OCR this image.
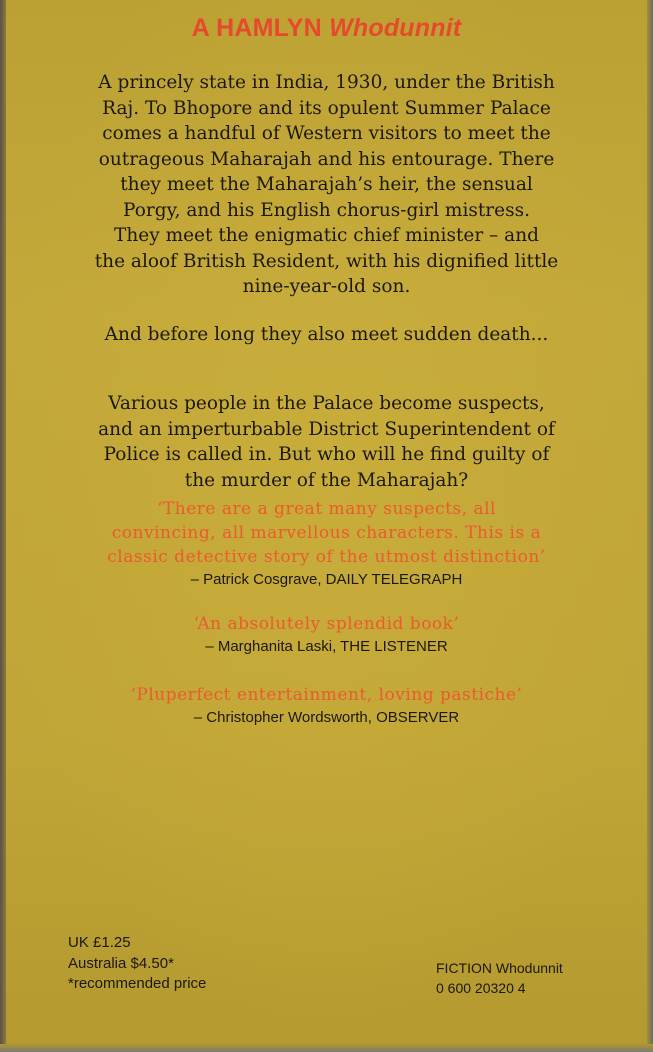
A HAMLYN Whodunnit
A princely state in India, 1930, under the British
Raj. To Bhopore and its opulent Summer Palace
comes a handful of Western visitors to meet the
outrageous Maharajah and his entourage. There
they meet the Maharajah’s heir, the sensual
Porgy, and his English chorus-girl mistress.
They meet the enigmatic chief minister – and
the aloof British Resident, with his dignified little
nine-year-old son.
And before long they also meet sudden death...
Various people in the Palace become suspects,
and an imperturbable District Superintendent of
Police is called in. But who will he find guilty of
the murder of the Maharajah?
‘There are a great many suspects, all
convincing, all marvellous characters. This is a
classic detective story of the utmost distinction’
– Patrick Cosgrave, DAILY TELEGRAPH
‘An absolutely splendid book’
– Marghanita Laski, THE LISTENER
‘Pluperfect entertainment, loving pastiche’
– Christopher Wordsworth, OBSERVER
UK £1.25
Australia $4.50*
*recommended price
FICTION Whodunnit
0 600 20320 4
